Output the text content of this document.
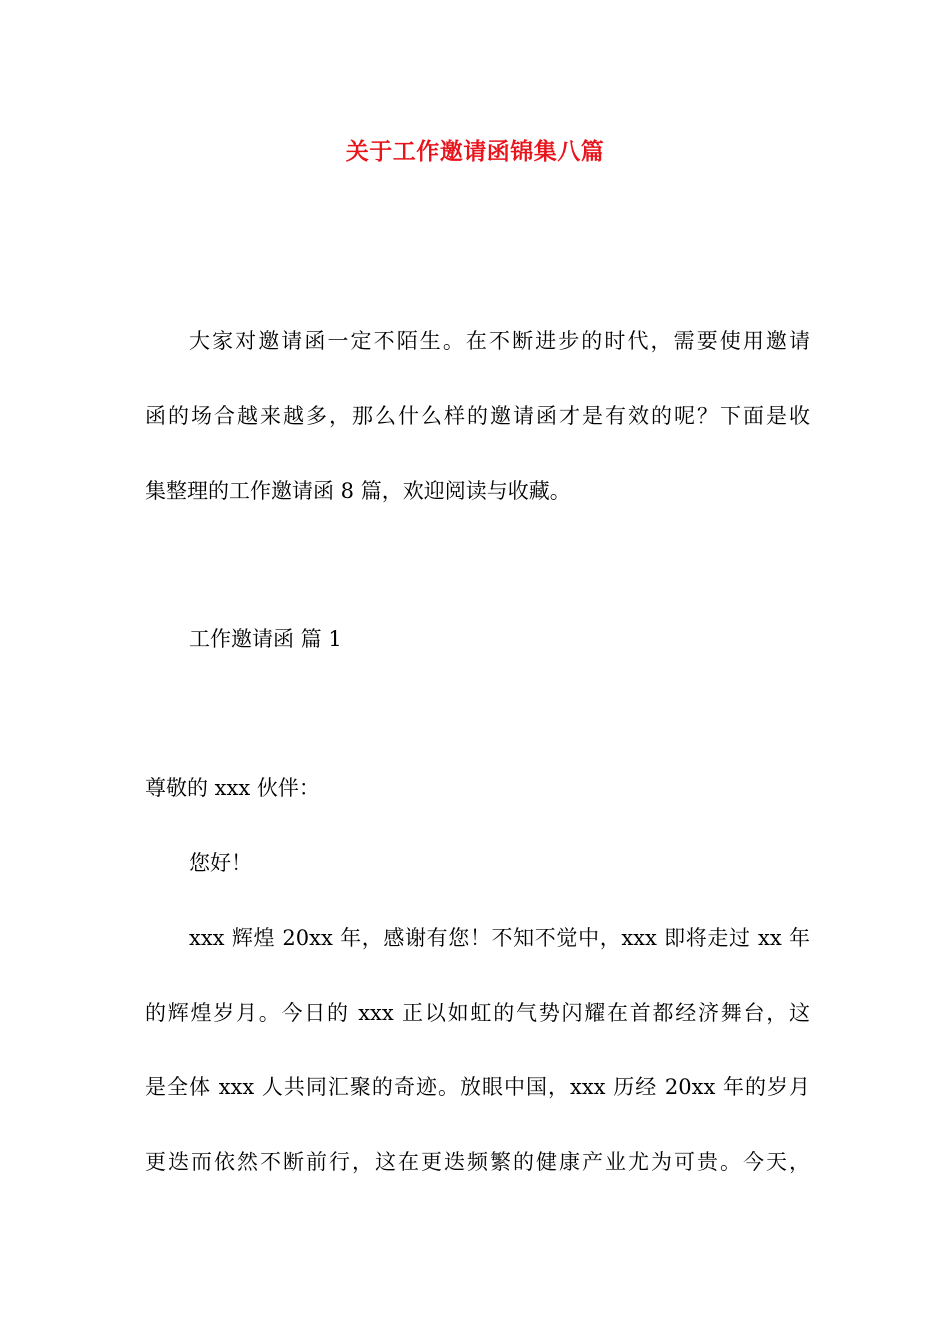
关于工作邀请函锦集八篇
大家对邀请函一定不陌生。在不断进步的时代，需要使用邀请
函的场合越来越多，那么什么样的邀请函才是有效的呢？下面是收
集整理的工作邀请函 8 篇，欢迎阅读与收藏。
工作邀请函 篇 1
尊敬的 xxx 伙伴：
您好！
xxx 辉煌 20xx 年，感谢有您！不知不觉中，xxx 即将走过 xx 年
的辉煌岁月。今日的 xxx 正以如虹的气势闪耀在首都经济舞台，这
是全体 xxx 人共同汇聚的奇迹。放眼中国，xxx 历经 20xx 年的岁月
更迭而依然不断前行，这在更迭频繁的健康产业尤为可贵。今天，
